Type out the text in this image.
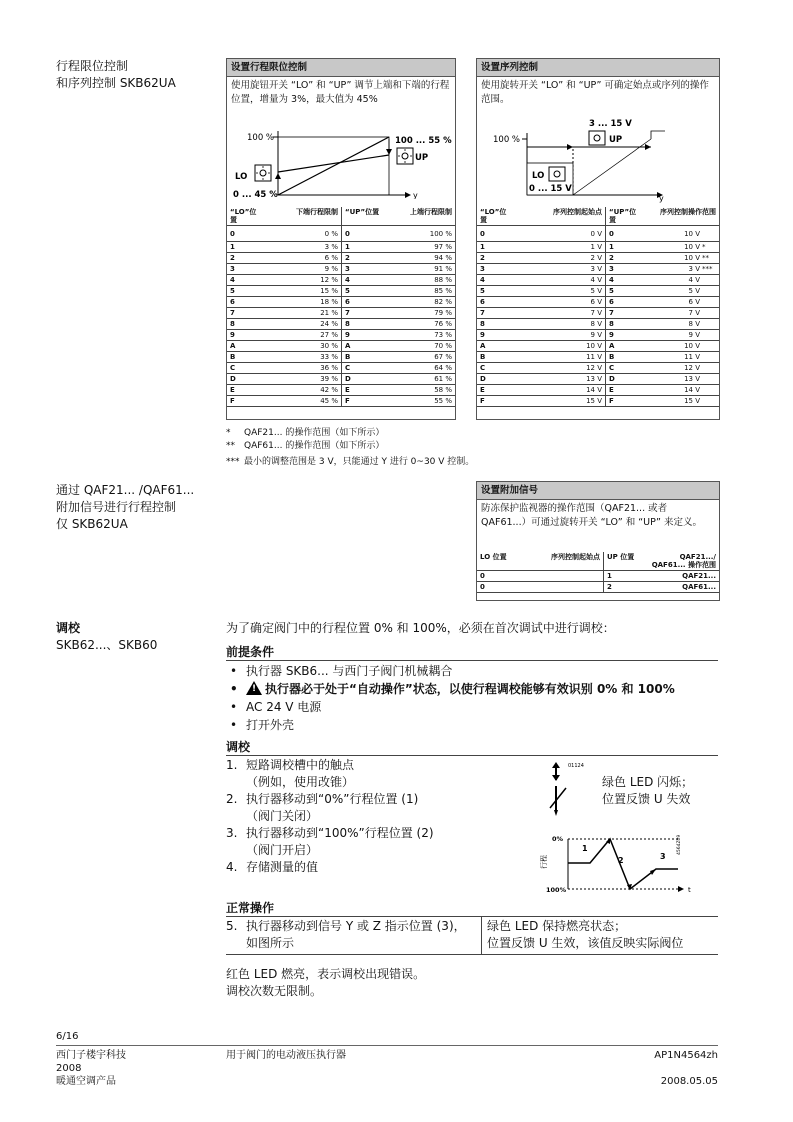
行程限位控制
和序列控制 SKB62UA
通过 QAF21... /QAF61...
附加信号进行行程控制
仅 SKB62UA
调校
SKB62...、SKB60
设置行程限位控制
使用旋钮开关 “LO” 和 “UP” 调节上端和下端的行程位置，增量为 3%，最大值为 45%
100 %	100 ... 55 %
UP
LO
0 ... 45 %	y
“LO”位置	下端行程限制	“UP”位置	上端行程限制
0	0 %	0	100 %
1	3 %	1	97 %
2	6 %	2	94 %
3	9 %	3	91 %
4	12 %	4	88 %
5	15 %	5	85 %
6	18 %	6	82 %
7	21 %	7	79 %
8	24 %	8	76 %
9	27 %	9	73 %
A	30 %	A	70 %
B	33 %	B	67 %
C	36 %	C	64 %
D	39 %	D	61 %
E	42 %	E	58 %
F	45 %	F	55 %
设置序列控制
使用旋转开关 “LO” 和 “UP” 可确定始点或序列的操作范围。
100 %
3 ... 15 V
UP
LO
0 ... 15 V
y
“LO”位置	序列控制起始点	“UP”位置	序列控制操作范围
0	0 V	0	10 V
1	1 V	1	10 V *
2	2 V	2	10 V **
3	3 V	3	3 V ***
4	4 V	4	4 V
5	5 V	5	5 V
6	6 V	6	6 V
7	7 V	7	7 V
8	8 V	8	8 V
9	9 V	9	9 V
A	10 V	A	10 V
B	11 V	B	11 V
C	12 V	C	12 V
D	13 V	D	13 V
E	14 V	E	14 V
F	15 V	F	15 V
* QAF21... 的操作范围（如下所示）
** QAF61... 的操作范围（如下所示）
*** 最小的调整范围是 3 V，只能通过 Y 进行 0~30 V 控制。
设置附加信号
防冻保护监视器的操作范围（QAF21... 或者 QAF61...）可通过旋转开关 “LO” 和 “UP” 来定义。
LO 位置	序列控制起始点	UP 位置	QAF21.../ QAF61... 操作范围
0		1	QAF21...
0		2	QAF61...
为了确定阀门中的行程位置 0% 和 100%，必须在首次调试中进行调校：
前提条件
• 执行器 SKB6... 与西门子阀门机械耦合
• ! 执行器必于处于“自动操作”状态，以使行程调校能够有效识别 0% 和 100%
• AC 24 V 电源
• 打开外壳
调校
1. 短路调校槽中的触点
（例如，使用改锥）
2. 执行器移动到“0%”行程位置 (1)
（阀门关闭）
3. 执行器移动到“100%”行程位置 (2)
（阀门开启）
4. 存储测量的值
01124
绿色 LED 闪烁；
位置反馈 U 失效
0%
100%
行程
t
1
2	3
4564Z09
正常操作
5. 执行器移动到信号 Y 或 Z 指示位置 (3)，
如图所示
绿色 LED 保持燃亮状态；
位置反馈 U 生效，该值反映实际阀位
红色 LED 燃亮，表示调校出现错误。
调校次数无限制。
6/16
西门子楼宇科技
2008
暖通空调产品
用于阀门的电动液压执行器	AP1N4564zh
2008.05.05
